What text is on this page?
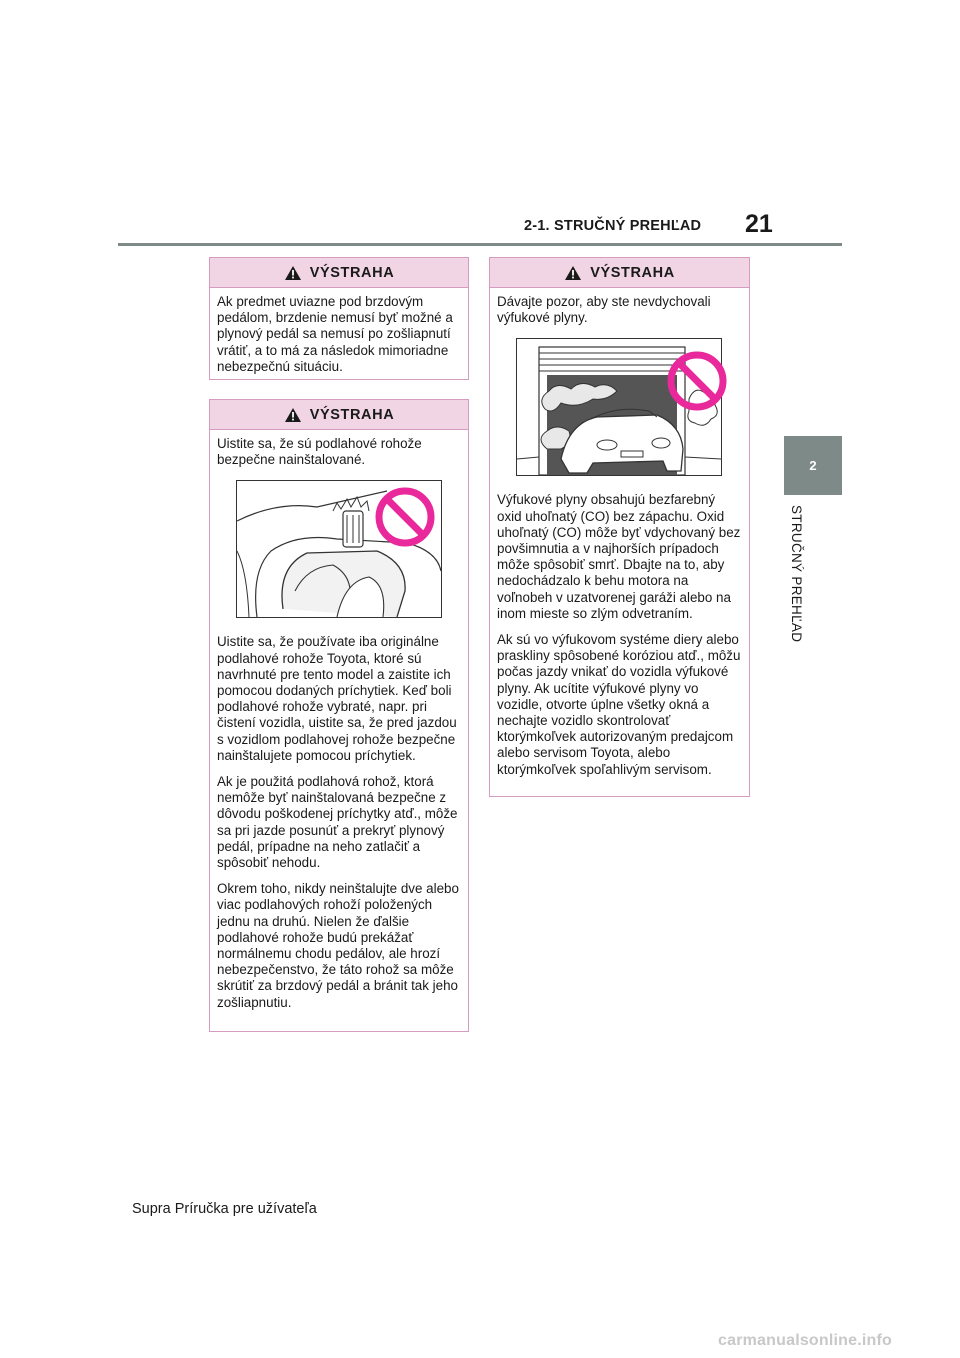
21
2-1. STRUČNÝ PREHĽAD
2
STRUČNÝ PREHĽAD
VÝSTRAHA

Ak predmet uviazne pod brzdovým pedálom, brzdenie nemusí byť možné a plynový pedál sa nemusí po zošliapnutí vrátiť, a to má za následok mimoriadne nebezpečnú situáciu.

VÝSTRAHA

Uistite sa, že sú podlahové rohože bezpečne nainštalované.

Uistite sa, že používate iba originálne podlahové rohože Toyota, ktoré sú navrhnuté pre tento model a zaistite ich pomocou dodaných príchytiek. Keď boli podlahové rohože vybraté, napr. pri čistení vozidla, uistite sa, že pred jazdou s vozidlom podlahovej rohože bezpečne nainštalujete pomocou príchytiek.

Ak je použitá podlahová rohož, ktorá nemôže byť nainštalovaná bezpečne z dôvodu poškodenej príchytky atď., môže sa pri jazde posunúť a prekryť plynový pedál, prípadne na neho zatlačiť a spôsobiť nehodu.

Okrem toho, nikdy neinštalujte dve alebo viac podlahových rohoží položených jednu na druhú. Nielen že ďalšie podlahové rohože budú prekážať normálnemu chodu pedálov, ale hrozí nebezpečenstvo, že táto rohož sa môže skrútiť za brzdový pedál a bránit tak jeho zošliapnutiu.

VÝSTRAHA

Dávajte pozor, aby ste nevdychovali výfukové plyny.

Výfukové plyny obsahujú bezfarebný oxid uhoľnatý (CO) bez zápachu. Oxid uhoľnatý (CO) môže byť vdychovaný bez povšimnutia a v najhorších prípadoch môže spôsobiť smrť. Dbajte na to, aby nedochádzalo k behu motora na voľnobeh v uzatvorenej garáži alebo na inom mieste so zlým odvetraním.

Ak sú vo výfukovom systéme diery alebo praskliny spôsobené koróziou atď., môžu počas jazdy vnikať do vozidla výfukové plyny. Ak ucítite výfukové plyny vo vozidle, otvorte úplne všetky okná a nechajte vozidlo skontrolovať ktorýmkoľvek autorizovaným predajcom alebo servisom Toyota, alebo ktorýmkoľvek spoľahlivým servisom.

Supra Príručka pre užívateľa
carmanualsonline.info
